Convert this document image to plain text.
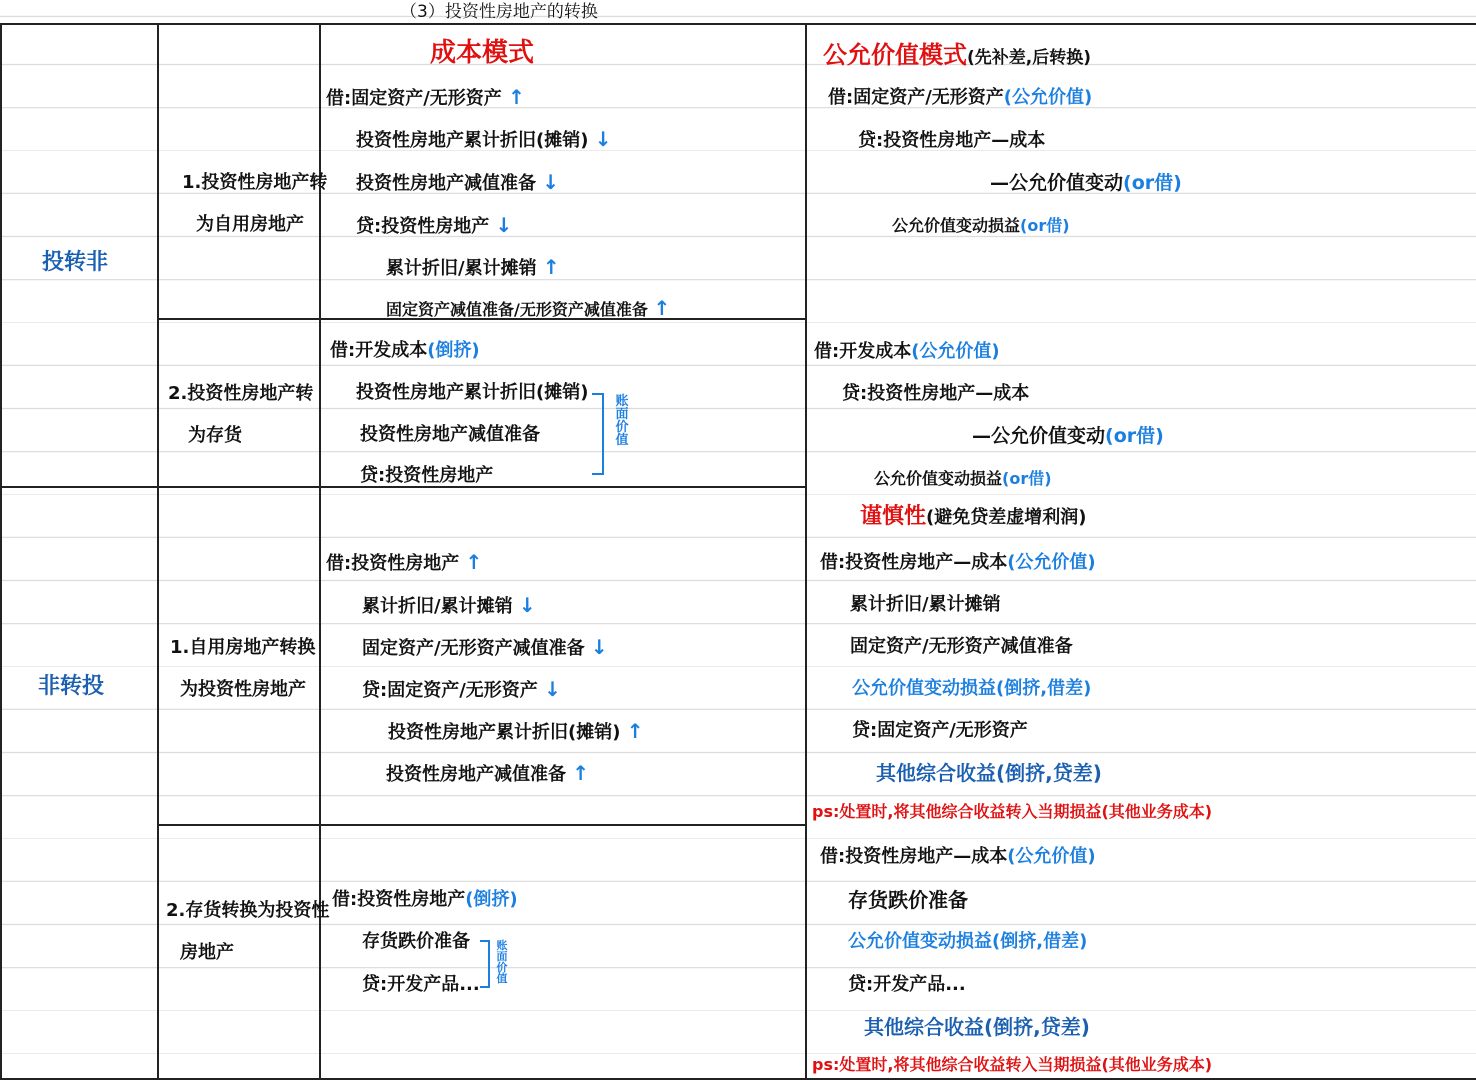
（3）投资性房地产的转换
成本模式	公允价值模式(先补差,后转换)
投转非
非转投
1.投资性房地产转
为自用房地产
2.投资性房地产转
为存货
1.自用房地产转换
为投资性房地产
2.存货转换为投资性
房地产
借:固定资产/无形资产 ↑
投资性房地产累计折旧(摊销) ↓
投资性房地产减值准备 ↓
贷:投资性房地产 ↓
累计折旧/累计摊销 ↑
固定资产减值准备/无形资产减值准备 ↑
借:开发成本(倒挤)
投资性房地产累计折旧(摊销)
投资性房地产减值准备
贷:投资性房地产
账面价值
借:投资性房地产 ↑
累计折旧/累计摊销 ↓
固定资产/无形资产减值准备 ↓
贷:固定资产/无形资产 ↓
投资性房地产累计折旧(摊销) ↑
投资性房地产减值准备 ↑
借:投资性房地产(倒挤)
存货跌价准备
贷:开发产品...
账面价值
借:固定资产/无形资产(公允价值)
贷:投资性房地产—成本
—公允价值变动(or借)
公允价值变动损益(or借)
借:开发成本(公允价值)
贷:投资性房地产—成本
—公允价值变动(or借)
公允价值变动损益(or借)
谨慎性(避免贷差虚增利润)
借:投资性房地产—成本(公允价值)
累计折旧/累计摊销
固定资产/无形资产减值准备
公允价值变动损益(倒挤,借差)
贷:固定资产/无形资产
其他综合收益(倒挤,贷差)
ps:处置时,将其他综合收益转入当期损益(其他业务成本)
借:投资性房地产—成本(公允价值)
存货跌价准备
公允价值变动损益(倒挤,借差)
贷:开发产品...
其他综合收益(倒挤,贷差)
ps:处置时,将其他综合收益转入当期损益(其他业务成本)
